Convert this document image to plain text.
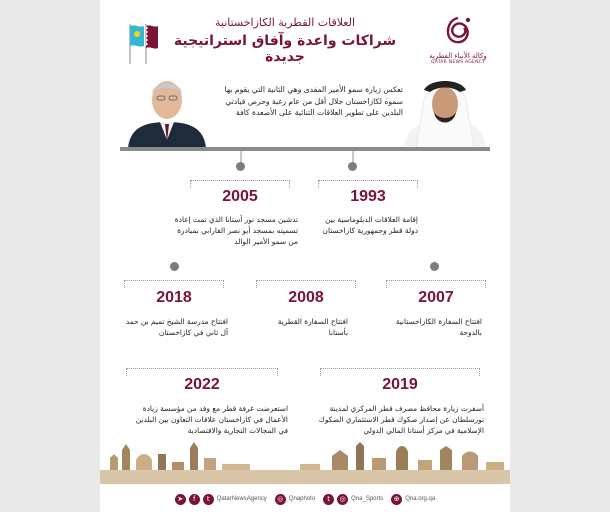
وكالة الأنباء القطرية
QATAR NEWS AGENCY
العلاقات القطرية الكازاخستانية
شراكات واعدة وآفاق استراتيجية جديدة
تعكس زيارة سمو الأمير المفدى وهي الثانية التي يقوم بها سموه لكازاخستان خلال أقل من عام رغبة وحرص قيادتي البلدين على تطوير العلاقات الثنائية على الأصعدة كافة
2005	1993
تدشين مسجد نور أستانا الذي تمت إعادة تسميته بمسجد أبو نصر الفارابي بمبادرة من سمو الأمير الوالد
إقامة العلاقات الدبلوماسية بين دولة قطر وجمهورية كازاخستان
2018	2008	2007
افتتاح مدرسة الشيخ تميم بن حمد آل ثاني في كازاخستان
افتتاح السفارة القطرية بأستانا
افتتاح السفارة الكازاخستانية بالدوحة
2022	2019
استعرضت غرفة قطر مع وفد من مؤسسة زيادة الأعمال في كازاخستان علاقات التعاون بين البلدين في المجالات التجارية والاقتصادية
أسفرت زيارة محافظ مصرف قطر المركزي لمدينة نورسلطان عن إصدار صكوك قطر الاستثماري الصكوك الإسلامية في مركز أستانا المالي الدولي
➤	f	t	QatarNewsAgency	◎ Qnaphoto	t	◎ Qna_Sports	⊕ Qna.org.qa
